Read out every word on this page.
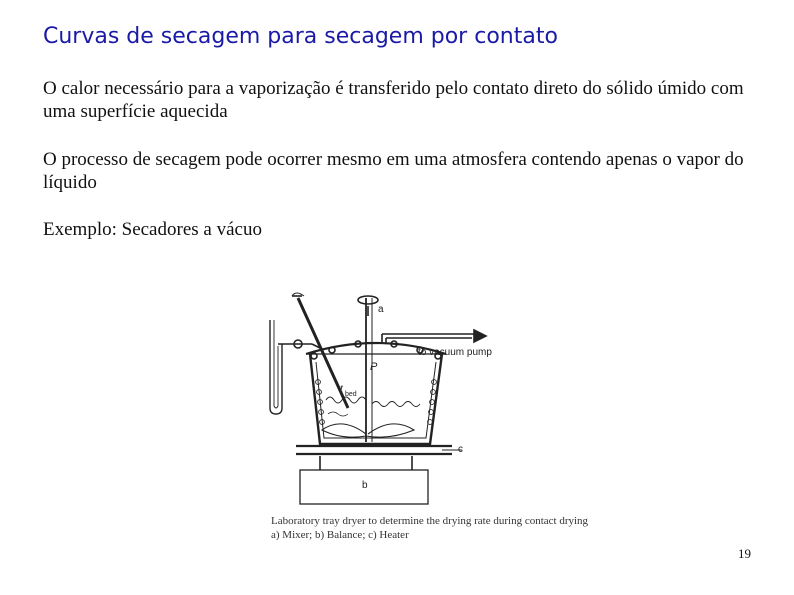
Curvas de secagem para secagem por contato
O calor necessário para a vaporização é transferido pelo contato direto do sólido úmido com uma superfície aquecida
O processo de secagem pode ocorrer mesmo em uma atmosfera contendo apenas o vapor do líquido
Exemplo: Secadores a vácuo
a
b
c
P
t bed
to vacuum pump
Laboratory tray dryer to determine the drying rate during contact drying
a) Mixer; b) Balance; c) Heater
19
